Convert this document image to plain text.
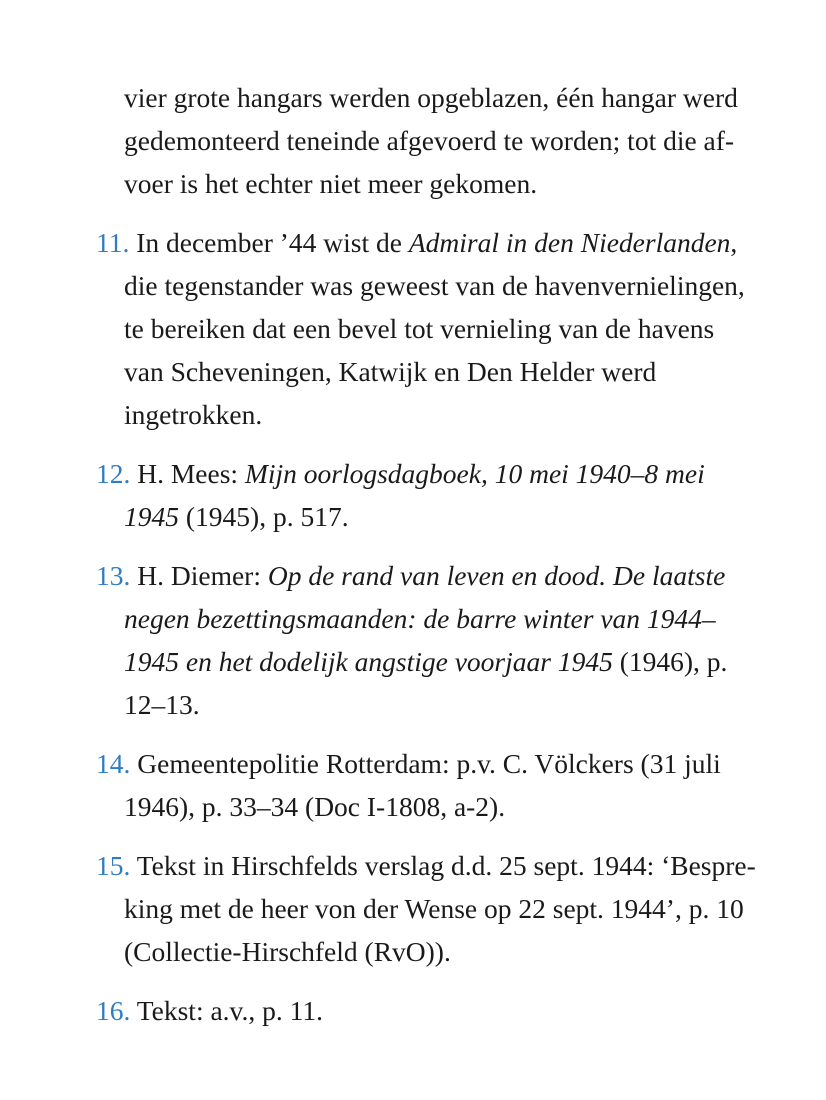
vier grote hangars werden opgeblazen, één hangar werd gedemonteerd teneinde afgevoerd te worden; tot die afvoer is het echter niet meer gekomen.

11. In december ’44 wist de Admiral in den Niederlanden, die tegenstander was geweest van de havenvernielingen, te bereiken dat een bevel tot vernieling van de havens van Scheveningen, Katwijk en Den Helder werd ingetrokken.

12. H. Mees: Mijn oorlogsdagboek, 10 mei 1940–8 mei 1945 (1945), p. 517.

13. H. Diemer: Op de rand van leven en dood. De laatste negen bezettingsmaanden: de barre winter van 1944–1945 en het dodelijk angstige voorjaar 1945 (1946), p. 12–13.

14. Gemeentepolitie Rotterdam: p.v. C. Völckers (31 juli 1946), p. 33–34 (Doc I-1808, a-2).

15. Tekst in Hirschfelds verslag d.d. 25 sept. 1944: ‘Bespreking met de heer von der Wense op 22 sept. 1944’, p. 10 (Collectie-Hirschfeld (RvO)).

16. Tekst: a.v., p. 11.
